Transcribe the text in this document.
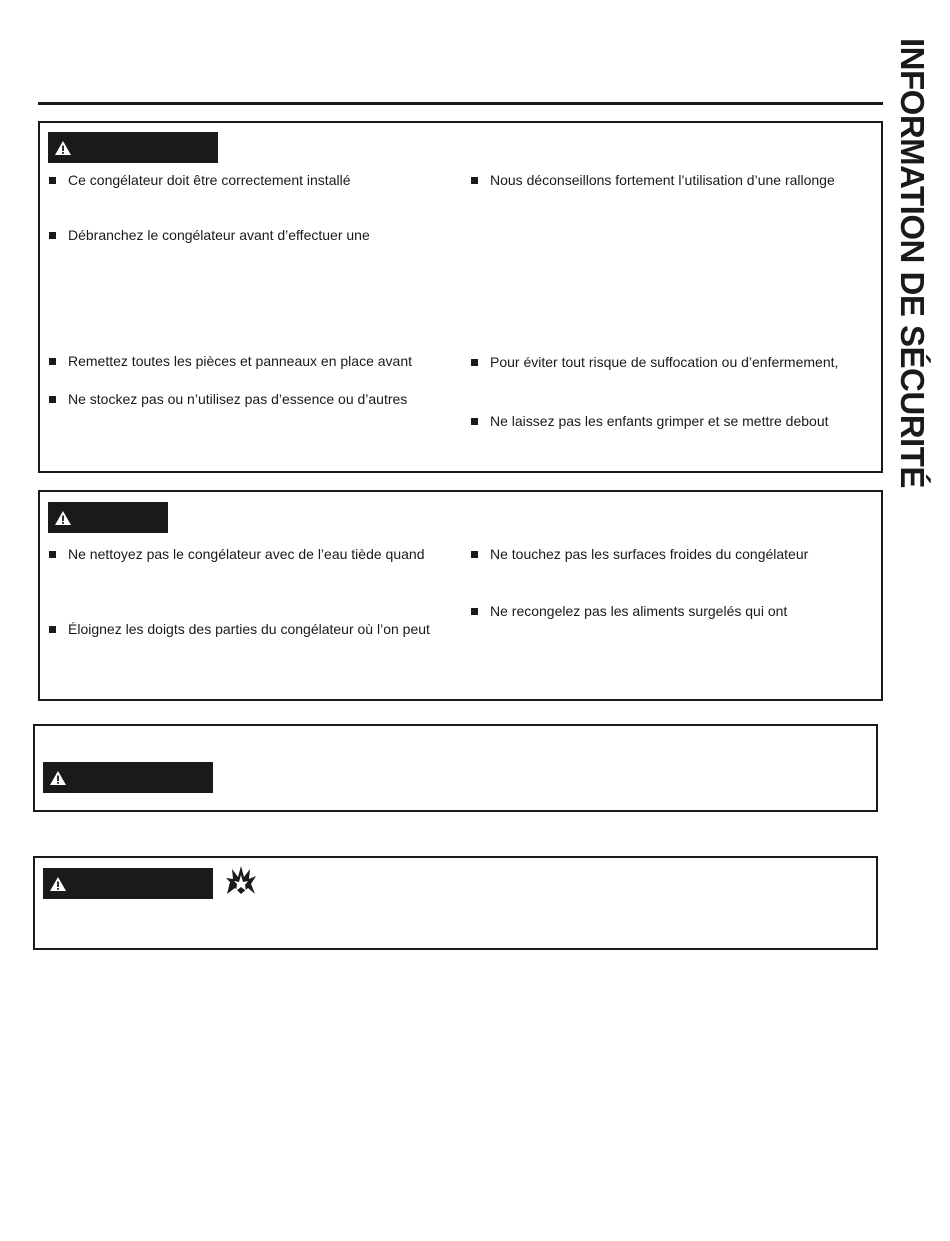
INFORMATION DE SÉCURITÉ
Ce congélateur doit être correctement installé
Débranchez le congélateur avant d’effectuer une
Remettez toutes les pièces et panneaux en place avant
Ne stockez pas ou n’utilisez pas d’essence ou d’autres
Nous déconseillons fortement l’utilisation d’une rallonge
Pour éviter tout risque de suffocation ou d’enfermement,
Ne laissez pas les enfants grimper et se mettre debout
Ne nettoyez pas le congélateur avec de l’eau tiède quand
Éloignez les doigts des parties du congélateur où l’on peut
Ne touchez pas les surfaces froides du congélateur
Ne recongelez pas les aliments surgelés qui ont
